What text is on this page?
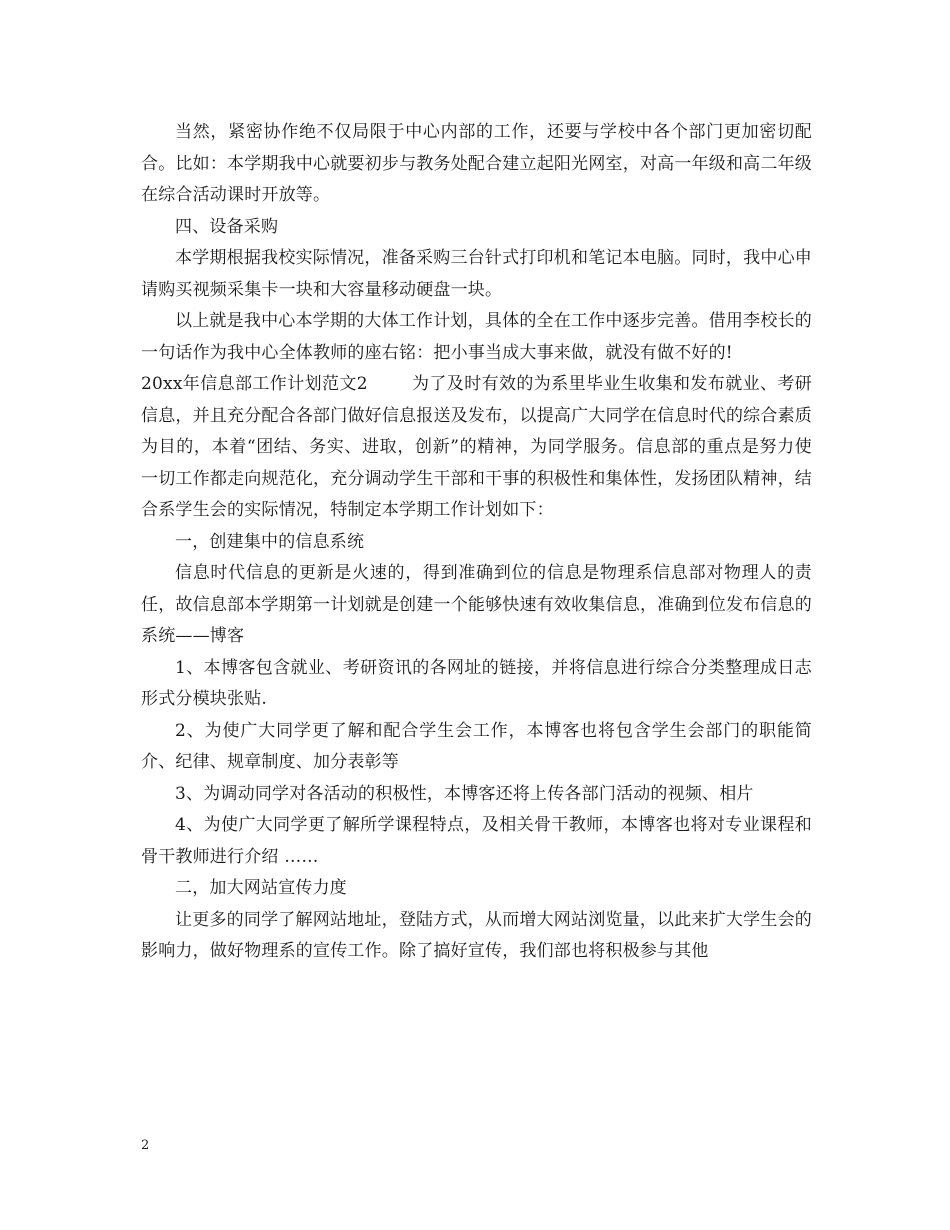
当然，紧密协作绝不仅局限于中心内部的工作，还要与学校中各个部门更加密切配合。比如：本学期我中心就要初步与教务处配合建立起阳光网室，对高一年级和高二年级在综合活动课时开放等。

四、设备采购

本学期根据我校实际情况，准备采购三台针式打印机和笔记本电脑。同时，我中心申请购买视频采集卡一块和大容量移动硬盘一块。

以上就是我中心本学期的大体工作计划，具体的全在工作中逐步完善。借用李校长的一句话作为我中心全体教师的座右铭：把小事当成大事来做，就没有做不好的!

20xx年信息部工作计划范文2	为了及时有效的为系里毕业生收集和发布就业、考研信息，并且充分配合各部门做好信息报送及发布，以提高广大同学在信息时代的综合素质为目的，本着“团结、务实、进取，创新”的精神，为同学服务。信息部的重点是努力使一切工作都走向规范化，充分调动学生干部和干事的积极性和集体性，发扬团队精神，结合系学生会的实际情况，特制定本学期工作计划如下：

一，创建集中的信息系统

信息时代信息的更新是火速的，得到准确到位的信息是物理系信息部对物理人的责任，故信息部本学期第一计划就是创建一个能够快速有效收集信息，准确到位发布信息的系统——博客

1、本博客包含就业、考研资讯的各网址的链接，并将信息进行综合分类整理成日志形式分模块张贴.

2、为使广大同学更了解和配合学生会工作，本博客也将包含学生会部门的职能简介、纪律、规章制度、加分表彰等

3、为调动同学对各活动的积极性，本博客还将上传各部门活动的视频、相片

4、为使广大同学更了解所学课程特点，及相关骨干教师，本博客也将对专业课程和骨干教师进行介绍 ……

二，加大网站宣传力度

让更多的同学了解网站地址，登陆方式，从而增大网站浏览量，以此来扩大学生会的影响力，做好物理系的宣传工作。除了搞好宣传，我们部也将积极参与其他

2
